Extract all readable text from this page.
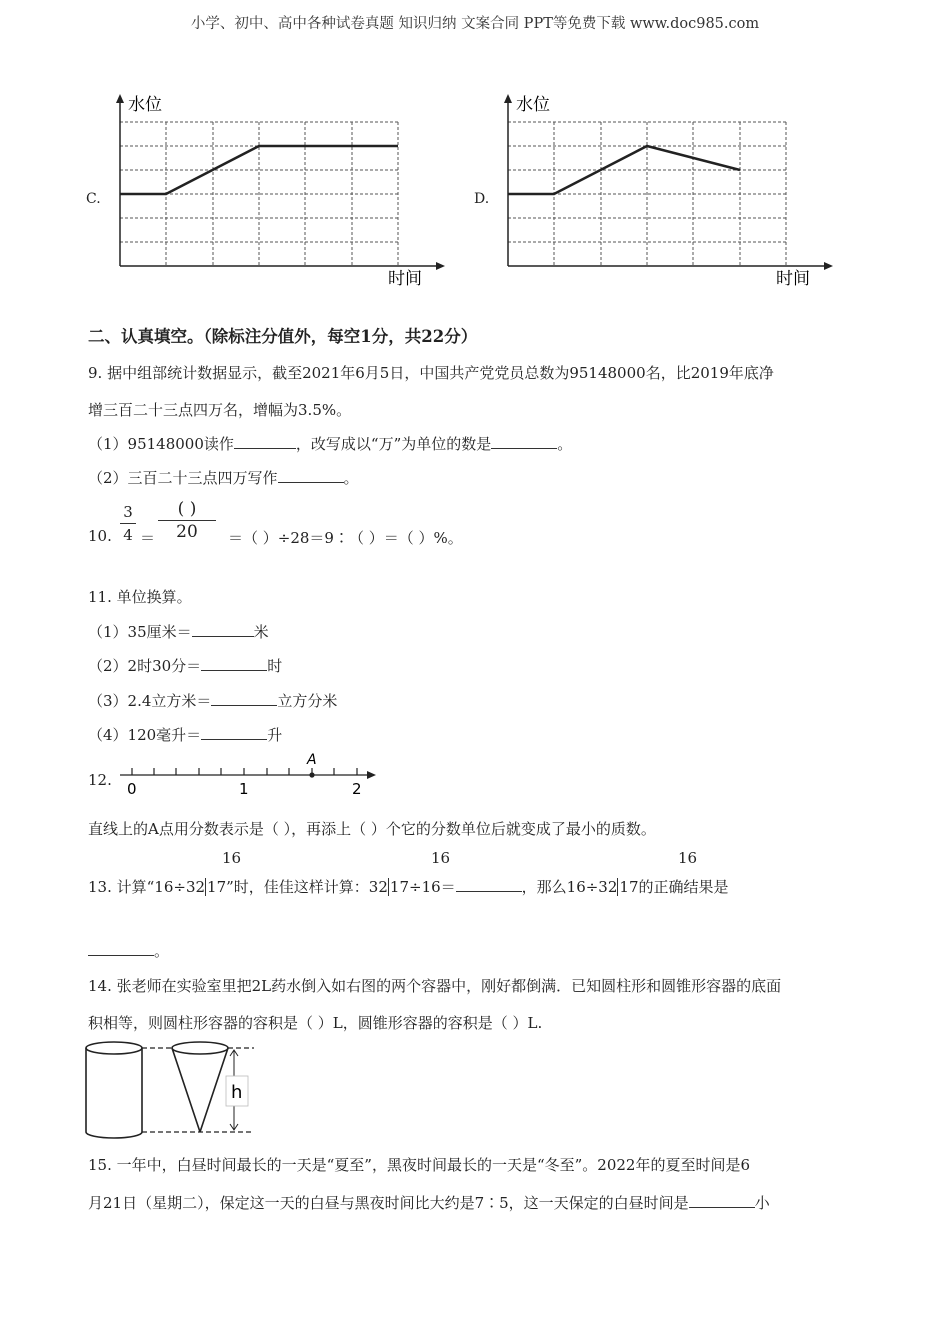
小学、初中、高中各种试卷真题 知识归纳 文案合同 PPT等免费下载 www.doc985.com
C.
水位
时间
D.
水位
时间
二、认真填空。（除标注分值外，每空1分，共22分）
9. 据中组部统计数据显示，截至2021年6月5日，中国共产党党员总数为95148000名，比2019年底净
增三百二十三点四万名，增幅为3.5%。
（1）95148000读作	，改写成以“万”为单位的数是	。
（2）三百二十三点四万写作	。
10.
3
4 ＝
( )
20	＝（ ）÷28＝9∶（ ）＝（ ）%。
11. 单位换算。
（1）35厘米＝	米
（2）2时30分＝	时
（3）2.4立方米＝	立方分米
（4）120毫升＝	升
12.
A
0	1	2
直线上的A点用分数表示是（ ），再添上（ ）个它的分数单位后就变成了最小的质数。
16	16	16
13. 计算“16÷32 17”时，佳佳这样计算：32 17÷16＝	，那么16÷32 17的正确结果是
。
14. 张老师在实验室里把2L药水倒入如右图的两个容器中，刚好都倒满．已知圆柱形和圆锥形容器的底面
积相等，则圆柱形容器的容积是（ ）L，圆锥形容器的容积是（ ）L.
h
15. 一年中，白昼时间最长的一天是“夏至”，黑夜时间最长的一天是“冬至”。2022年的夏至时间是6
月21日（星期二），保定这一天的白昼与黑夜时间比大约是7∶5，这一天保定的白昼时间是	小
